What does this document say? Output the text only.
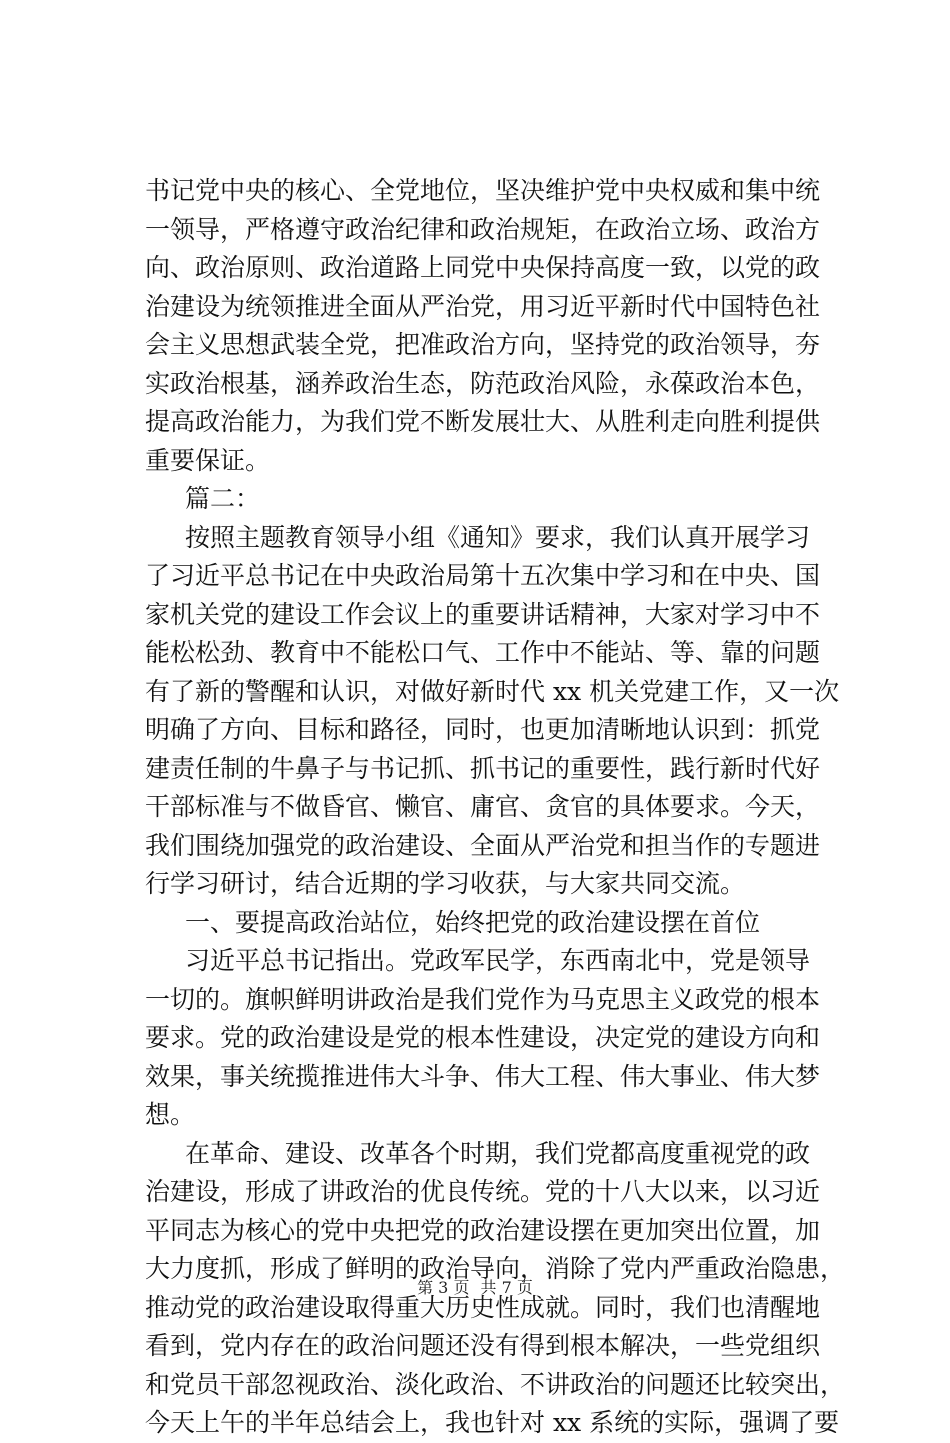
书记党中央的核心、全党地位，坚决维护党中央权威和集中统
一领导，严格遵守政治纪律和政治规矩，在政治立场、政治方
向、政治原则、政治道路上同党中央保持高度一致，以党的政
治建设为统领推进全面从严治党，用习近平新时代中国特色社
会主义思想武装全党，把准政治方向，坚持党的政治领导，夯
实政治根基，涵养政治生态，防范政治风险，永葆政治本色，
提高政治能力，为我们党不断发展壮大、从胜利走向胜利提供
重要保证。
篇二：
按照主题教育领导小组《通知》要求，我们认真开展学习
了习近平总书记在中央政治局第十五次集中学习和在中央、国
家机关党的建设工作会议上的重要讲话精神，大家对学习中不
能松松劲、教育中不能松口气、工作中不能站、等、靠的问题
有了新的警醒和认识，对做好新时代 xx 机关党建工作，又一次
明确了方向、目标和路径，同时，也更加清晰地认识到：抓党
建责任制的牛鼻子与书记抓、抓书记的重要性，践行新时代好
干部标准与不做昏官、懒官、庸官、贪官的具体要求。今天，
我们围绕加强党的政治建设、全面从严治党和担当作的专题进
行学习研讨，结合近期的学习收获，与大家共同交流。
一、要提高政治站位，始终把党的政治建设摆在首位
习近平总书记指出。党政军民学，东西南北中，党是领导
一切的。旗帜鲜明讲政治是我们党作为马克思主义政党的根本
要求。党的政治建设是党的根本性建设，决定党的建设方向和
效果，事关统揽推进伟大斗争、伟大工程、伟大事业、伟大梦
想。
在革命、建设、改革各个时期，我们党都高度重视党的政
治建设，形成了讲政治的优良传统。党的十八大以来，以习近
平同志为核心的党中央把党的政治建设摆在更加突出位置，加
大力度抓，形成了鲜明的政治导向，消除了党内严重政治隐患，
推动党的政治建设取得重大历史性成就。同时，我们也清醒地
看到，党内存在的政治问题还没有得到根本解决，一些党组织
和党员干部忽视政治、淡化政治、不讲政治的问题还比较突出，
今天上午的半年总结会上，我也针对 xx 系统的实际，强调了要
第 3 页 共 7 页
